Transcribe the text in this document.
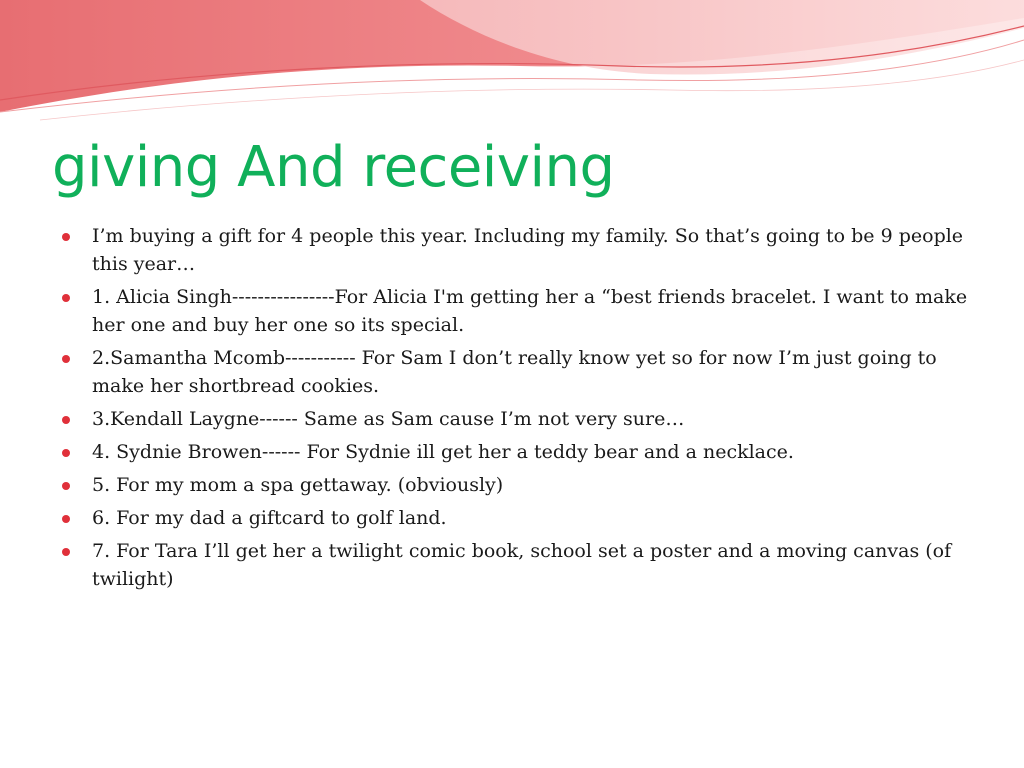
giving And receiving
I’m buying a gift for 4 people this year. Including my family. So that’s going to be 9 people this year…
1. Alicia Singh----------------For Alicia I'm getting her a “best friends bracelet. I want to make her one and buy her one so its special.
2.Samantha Mcomb----------- For Sam I don’t really know yet so for now I’m just going to make her shortbread cookies.
3.Kendall Laygne------ Same as Sam cause I’m not very sure…
4. Sydnie Browen------ For Sydnie ill get her a teddy bear and a necklace.
5. For my mom a spa gettaway. (obviously)
6. For my dad a giftcard to golf land.
7. For Tara I’ll get her a twilight comic book, school set a poster and a moving canvas (of twilight)
